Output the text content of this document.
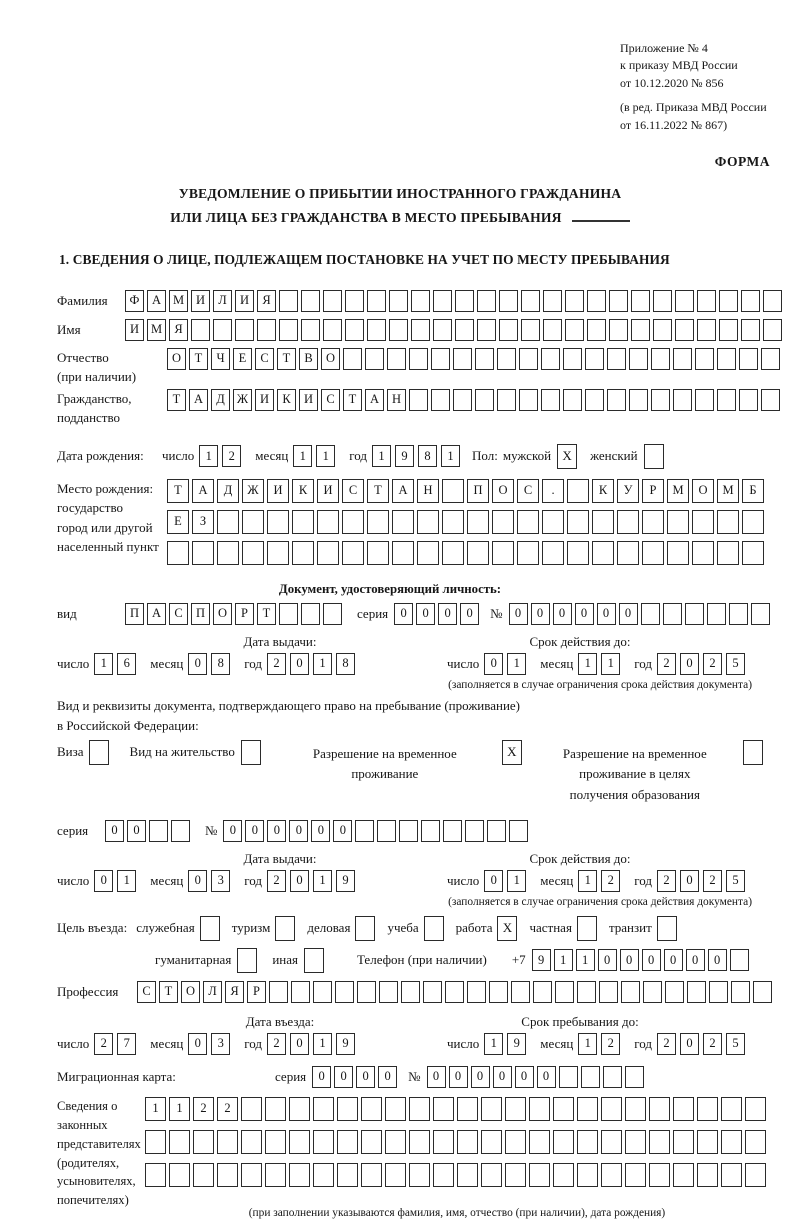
Приложение № 4
к приказу МВД России
от 10.12.2020 № 856
(в ред. Приказа МВД России
от 16.11.2022 № 867)
ФОРМА
УВЕДОМЛЕНИЕ О ПРИБЫТИИ ИНОСТРАННОГО ГРАЖДАНИНА
ИЛИ ЛИЦА БЕЗ ГРАЖДАНСТВА В МЕСТО ПРЕБЫВАНИЯ
1. СВЕДЕНИЯ О ЛИЦЕ, ПОДЛЕЖАЩЕМ ПОСТАНОВКЕ НА УЧЕТ ПО МЕСТУ ПРЕБЫВАНИЯ
Фамилия	Ф	А М И	Л	И	Я
Имя	И М Я
Отчество
(при наличии)
О	Т	Ч	Е	С	Т	В	О
Гражданство,
подданство
Т	А	Д Ж И	К	И	С	Т	А	Н
Дата рождения:	число 1	2	месяц 1	1	год 1	9	8	1	Пол: мужской X	женский
Место рождения:
государство
город или другой
населенный пункт
Т	А	Д	Ж	И	К	И	С	Т	А	Н	П	О	С	.	К	У	Р	М	О	М	Б
Е	З
Документ, удостоверяющий личность:
вид	П	А	С	П	О	Р	Т	серия 0	0	0	0	№ 0	0	0	0	0	0
Дата выдачи:	Срок действия до:
число 1	6	месяц 0	8	год 2	0	1	8	число 0	1	месяц 1	1	год 2	0	2	5
(заполняется в случае ограничения срока действия документа)
Вид и реквизиты документа, подтверждающего право на пребывание (проживание)
в Российской Федерации:
Виза	Вид на жительство	Разрешение на временное
проживание
X	Разрешение на временное
проживание в целях
получения образования
серия	0	0	№ 0	0	0	0	0	0
Дата выдачи:	Срок действия до:
число 0	1	месяц 0	3	год 2	0	1	9	число 0	1	месяц 1	2	год 2	0	2	5
(заполняется в случае ограничения срока действия документа)
Цель въезда: служебная	туризм	деловая	учеба	работа X	частная	транзит
гуманитарная	иная	Телефон (при наличии) +7 9	1	1	0	0	0	0	0	0
Профессия	С	Т	О	Л	Я	Р
Дата въезда:	Срок пребывания до:
число 2	7	месяц 0	3	год 2	0	1	9	число 1	9	месяц 1	2	год 2	0	2	5
Миграционная карта:	серия 0	0	0	0	№ 0	0	0	0	0	0
Сведения о
законных
представителях
(родителях,
усыновителях,
попечителях)
1	1	2	2
(при заполнении указываются фамилия, имя, отчество (при наличии), дата рождения)
